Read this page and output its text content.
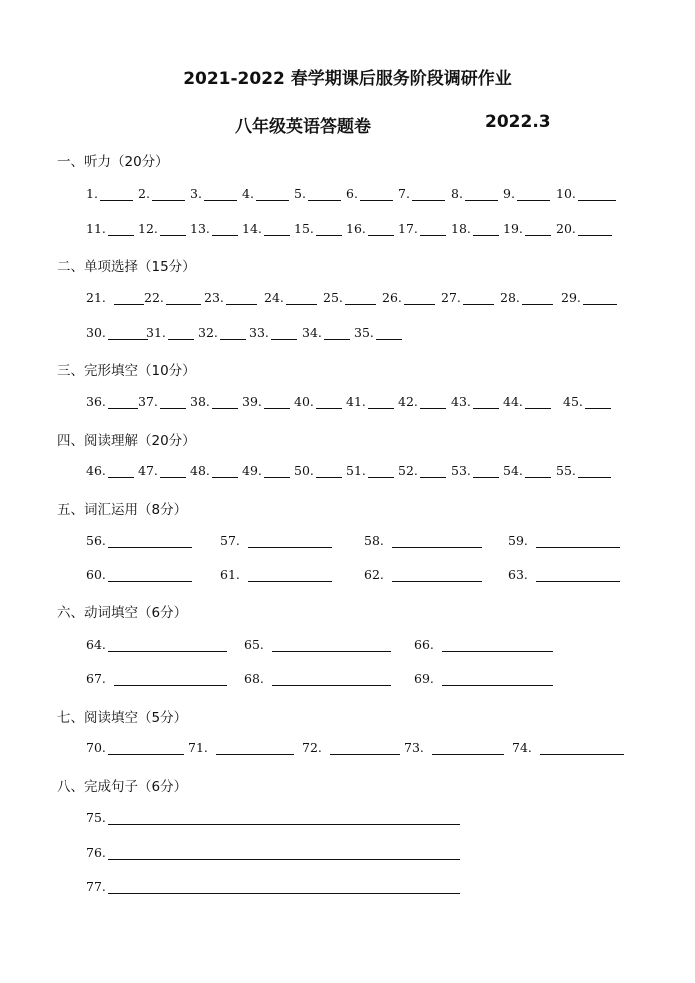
2021-2022 春学期课后服务阶段调研作业
八年级英语答题卷	2022.3
一、听力（20分）
二、单项选择（15分）
三、完形填空（10分）
四、阅读理解（20分）
五、词汇运用（8分）
六、动词填空（6分）
七、阅读填空（5分）
八、完成句子（6分）
1.	2.	3.	4.	5.	6.	7.	8.	9.	10.
11.	12.	13.	14.	15.	16.	17.	18.	19.	20.
21.	22.	23.	24.	25.	26.	27.	28.	29.
30.	31.	32. 33.	34.	35.
36.	37.	38.	39.	40.	41.	42.	43.	44.	45.
46.	47.	48.	49.	50.	51.	52.	53.	54.	55.
56.	57.	58.	59.
60.	61.	62.	63.
64.	65.	66.
67.	68.	69.
70.	71.	72.	73.	74.
75.
76.
77.
